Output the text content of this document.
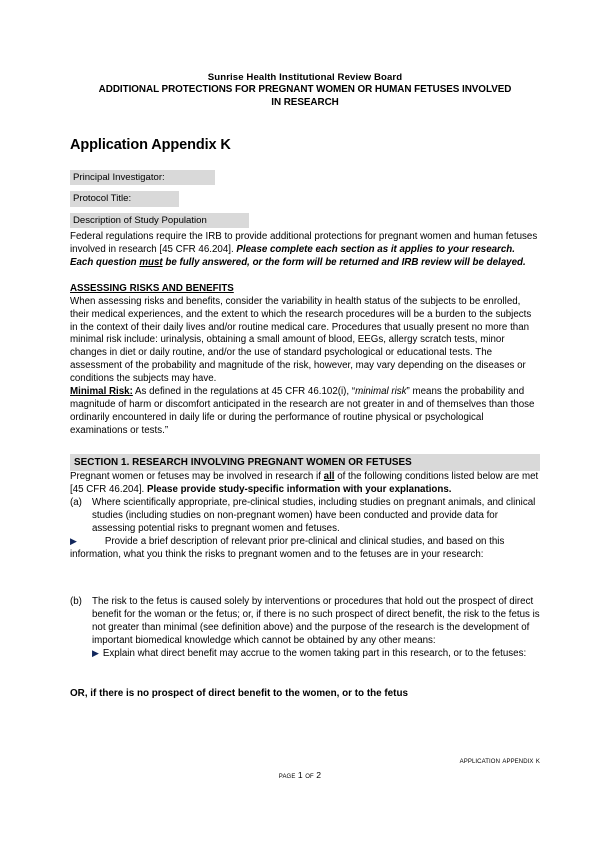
Sunrise Health Institutional Review Board
ADDITIONAL PROTECTIONS FOR PREGNANT WOMEN OR HUMAN FETUSES INVOLVED
IN RESEARCH
Application Appendix K
Principal Investigator:
Protocol Title:
Description of Study Population

Federal regulations require the IRB to provide additional protections for pregnant women and human fetuses involved in research [45 CFR 46.204]. Please complete each section as it applies to your research. Each question must be fully answered, or the form will be returned and IRB review will be delayed.

ASSESSING RISKS AND BENEFITS

When assessing risks and benefits, consider the variability in health status of the subjects to be enrolled, their medical experiences, and the extent to which the research procedures will be a burden to the subjects in the context of their daily lives and/or routine medical care. Procedures that usually present no more than minimal risk include: urinalysis, obtaining a small amount of blood, EEGs, allergy scratch tests, minor changes in diet or daily routine, and/or the use of standard psychological or educational tests. The assessment of the probability and magnitude of the risk, however, may vary depending on the diseases or conditions the subjects may have.

Minimal Risk: As defined in the regulations at 45 CFR 46.102(i), “minimal risk” means the probability and magnitude of harm or discomfort anticipated in the research are not greater in and of themselves than those ordinarily encountered in daily life or during the performance of routine physical or psychological examinations or tests.”

SECTION 1. RESEARCH INVOLVING PREGNANT WOMEN OR FETUSES

Pregnant women or fetuses may be involved in research if all of the following conditions listed below are met [45 CFR 46.204]. Please provide study-specific information with your explanations.

(a) Where scientifically appropriate, pre-clinical studies, including studies on pregnant animals, and clinical studies (including studies on non-pregnant women) have been conducted and provide data for assessing potential risks to pregnant women and fetuses.

▶	Provide a brief description of relevant prior pre-clinical and clinical studies, and based on this information, what you think the risks to pregnant women and to the fetuses are in your research:

(b) The risk to the fetus is caused solely by interventions or procedures that hold out the prospect of direct benefit for the woman or the fetus; or, if there is no such prospect of direct benefit, the risk to the fetus is not greater than minimal (see definition above) and the purpose of the research is the development of important biomedical knowledge which cannot be obtained by any other means:

▶ Explain what direct benefit may accrue to the women taking part in this research, or to the fetuses:

OR, if there is no prospect of direct benefit to the women, or to the fetus

application appendix k
page 1 of 2
